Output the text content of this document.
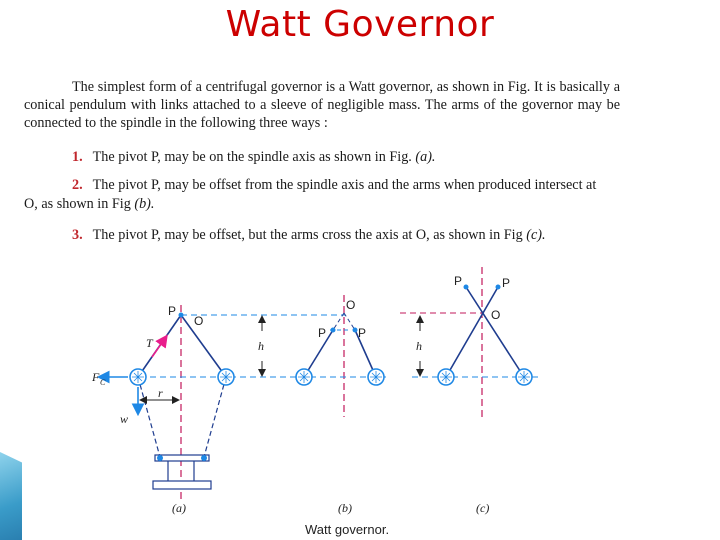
Watt Governor

The simplest form of a centrifugal governor is a Watt governor, as shown in Fig. It is basically a conical pendulum with links attached to a sleeve of negligible mass. The arms of the governor may be connected to the spindle in the following three ways :

1. The pivot P, may be on the spindle axis as shown in Fig. (a).
2. The pivot P, may be offset from the spindle axis and the arms when produced intersect at
O, as shown in Fig (b).
3. The pivot P, may be offset, but the arms cross the axis at O, as shown in Fig (c).
P
O
T
F C
w
r
h
(a)
O
P	P
(b)
h
P	P
O
(c)
Watt governor.
